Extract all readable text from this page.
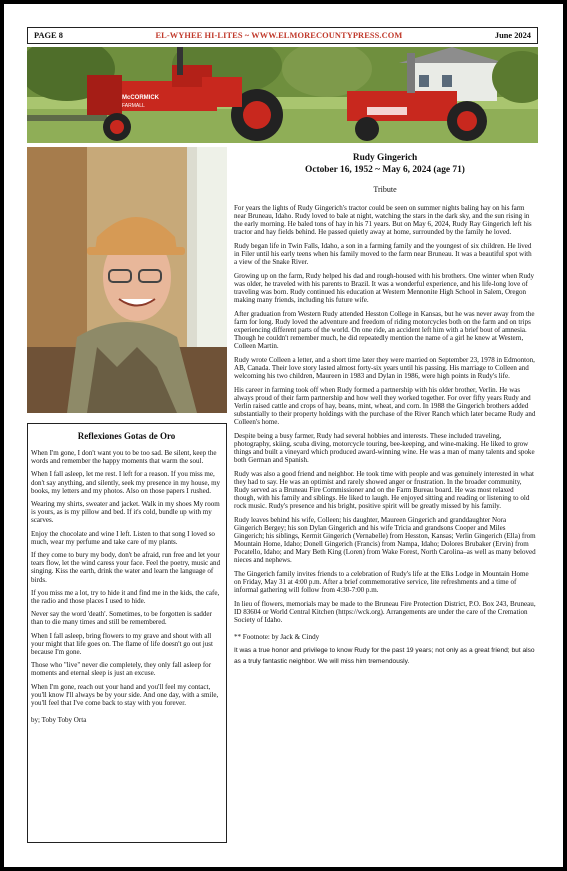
PAGE 8	EL-WYHEE HI-LITES ~ WWW.ELMORECOUNTYPRESS.COM	June 2024
McCORMICK
FARMALL
Reflexiones Gotas de Oro

When I'm gone, I don't want you to be too sad. Be silent, keep the words and remember the happy moments that warm the soul.

When I fall asleep, let me rest. I left for a reason. If you miss me, don't say anything, and silently, seek my presence in my house, my books, my letters and my photos. Also on those papers I rushed.

Wearing my shirts, sweater and jacket. Walk in my shoes My room is yours, as is my pillow and bed. If it's cold, bundle up with my scarves.

Enjoy the chocolate and wine I left. Listen to that song I loved so much, wear my perfume and take care of my plants.

If they come to bury my body, don't be afraid, run free and let your tears flow, let the wind caress your face. Feel the poetry, music and singing. Kiss the earth, drink the water and learn the language of birds.

If you miss me a lot, try to hide it and find me in the kids, the cafe, the radio and those places I used to hide.

Never say the word 'death'. Sometimes, to be forgotten is sadder than to die many times and still be remembered.

When I fall asleep, bring flowers to my grave and shout with all your might that life goes on. The flame of life doesn't go out just because I'm gone.

Those who "live" never die completely, they only fall asleep for moments and eternal sleep is just an excuse.

When I'm gone, reach out your hand and you'll feel my contact, you'll know I'll always be by your side. And one day, with a smile, you'll feel that I've come back to stay with you forever.

by; Toby Toby Orta

Rudy Gingerich
October 16, 1952 ~ May 6, 2024 (age 71)
Tribute

For years the lights of Rudy Gingerich's tractor could be seen on summer nights baling hay on his farm near Bruneau, Idaho. Rudy loved to bale at night, watching the stars in the dark sky, and the sun rising in the early morning. He baled tons of hay in his 71 years. But on May 6, 2024, Rudy Ray Gingerich left his tractor and hay fields behind. He passed quietly away at home, surrounded by the family he loved.

Rudy began life in Twin Falls, Idaho, a son in a farming family and the youngest of six children. He lived in Filer until his early teens when his family moved to the farm near Bruneau. It was a beautiful spot with a view of the Snake River.

Growing up on the farm, Rudy helped his dad and rough-housed with his brothers. One winter when Rudy was older, he traveled with his parents to Brazil. It was a wonderful experience, and his life-long love of traveling was born. Rudy continued his education at Western Mennonite High School in Salem, Oregon making many friends, including his future wife.

After graduation from Western Rudy attended Hesston College in Kansas, but he was never away from the farm for long. Rudy loved the adventure and freedom of riding motorcycles both on the farm and on trips experiencing different parts of the world. On one ride, an accident left him with a brief bout of amnesia. Though he couldn't remember much, he did repeatedly mention the name of a girl he knew at Western, Colleen Martin.

Rudy wrote Colleen a letter, and a short time later they were married on September 23, 1978 in Edmonton, AB, Canada. Their love story lasted almost forty-six years until his passing. His marriage to Colleen and welcoming his two children, Maureen in 1983 and Dylan in 1986, were high points in Rudy's life.

His career in farming took off when Rudy formed a partnership with his older brother, Verlin. He was always proud of their farm partnership and how well they worked together. For over fifty years Rudy and Verlin raised cattle and crops of hay, beans, mint, wheat, and corn. In 1988 the Gingerich brothers added substantially to their property holdings with the purchase of the River Ranch which later became Rudy and Colleen's home.

Despite being a busy farmer, Rudy had several hobbies and interests. These included traveling, photography, skiing, scuba diving, motorcycle touring, bee-keeping, and wine-making. He liked to grow things and built a vineyard which produced award-winning wine. He was a man of many talents and spoke both German and Spanish.

Rudy was also a good friend and neighbor. He took time with people and was genuinely interested in what they had to say. He was an optimist and rarely showed anger or frustration. In the broader community, Rudy served as a Bruneau Fire Commissioner and on the Farm Bureau board. He was most relaxed though, with his family and siblings. He liked to laugh. He enjoyed sitting and reading or listening to old rock music. Rudy's presence and his bright, positive spirit will be greatly missed by his family.

Rudy leaves behind his wife, Colleen; his daughter, Maureen Gingerich and granddaughter Nora Gingerich Bergey; his son Dylan Gingerich and his wife Tricia and grandsons Cooper and Miles Gingerich; his siblings, Kermit Gingerich (Vernabelle) from Hesston, Kansas; Verlin Gingerich (Ella) from Mountain Home, Idaho; Donell Gingerich (Francis) from Nampa, Idaho; Dolores Brubaker (Ervin) from Pocatello, Idaho; and Mary Beth King (Loren) from Wake Forest, North Carolina–as well as many beloved nieces and nephews.

The Gingerich family invites friends to a celebration of Rudy's life at the Elks Lodge in Mountain Home on Friday, May 31 at 4:00 p.m. After a brief commemorative service, lite refreshments and a time of informal gathering will follow from 4:30-7:00 p.m.

In lieu of flowers, memorials may be made to the Bruneau Fire Protection District, P.O. Box 243, Bruneau, ID 83604 or World Central Kitchen (https://wck.org). Arrangements are under the care of the Cremation Society of Idaho.

** Footnote: by Jack & Cindy

It was a true honor and privilege to know Rudy for the past 19 years; not only as a great friend; but also as a truly fantastic neighbor. We will miss him tremendously.
